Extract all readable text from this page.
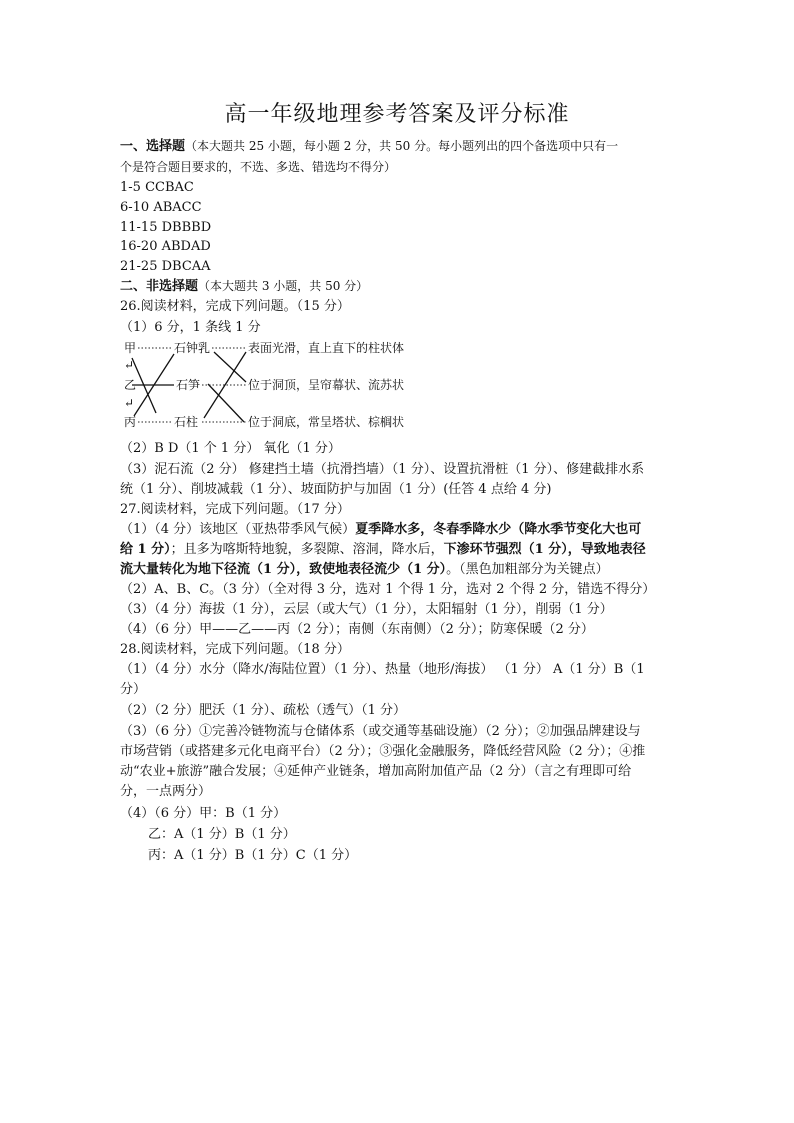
高一年级地理参考答案及评分标准
一、选择题（本大题共 25 小题，每小题 2 分，共 50 分。每小题列出的四个备选项中只有一
个是符合题目要求的，不选、多选、错选均不得分）
1-5 CCBAC
6-10 ABACC
11-15 DBBBD
16-20 ABDAD
21-25 DBCAA
二、非选择题（本大题共 3 小题，共 50 分）
26.阅读材料，完成下列问题。（15 分）
（1）6 分，1 条线 1 分
甲
乙
丙
↵
↵
石钟乳
石笋
石柱
表面光滑，直上直下的柱状体
位于洞顶，呈帘幕状、流苏状
位于洞底，常呈塔状、棕榈状
（2）B D（1 个 1 分） 氧化（1 分）
（3）泥石流（2 分） 修建挡土墙（抗滑挡墙）（1 分）、设置抗滑桩（1 分）、修建截排水系
统（1 分）、削坡减载（1 分）、坡面防护与加固（1 分）(任答 4 点给 4 分)
27.阅读材料，完成下列问题。（17 分）
（1）（4 分）该地区（亚热带季风气候）夏季降水多，冬春季降水少（降水季节变化大也可
给 1 分）；且多为喀斯特地貌，多裂隙、溶洞，降水后，下渗环节强烈（1 分），导致地表径
流大量转化为地下径流（1 分），致使地表径流少（1 分）。（黑色加粗部分为关键点）
（2）A、B、C。（3 分）（全对得 3 分，选对 1 个得 1 分，选对 2 个得 2 分，错选不得分）
（3）（4 分）海拔（1 分），云层（或大气）（1 分），太阳辐射（1 分），削弱（1 分）
（4）（6 分）甲——乙——丙（2 分）；南侧（东南侧）（2 分）；防寒保暖（2 分）
28.阅读材料，完成下列问题。（18 分）
（1）（4 分）水分（降水/海陆位置）（1 分）、热量（地形/海拔） （1 分） A（1 分）B（1
分）
（2）（2 分）肥沃（1 分）、疏松（透气）（1 分）
（3）（6 分）①完善冷链物流与仓储体系（或交通等基础设施）（2 分）；②加强品牌建设与
市场营销（或搭建多元化电商平台）（2 分）；③强化金融服务，降低经营风险（2 分）；④推
动“农业+旅游”融合发展；④延伸产业链条，增加高附加值产品（2 分）（言之有理即可给
分，一点两分）
（4）（6 分）甲：B（1 分）
乙：A（1 分）B（1 分）
丙：A（1 分）B（1 分）C（1 分）
